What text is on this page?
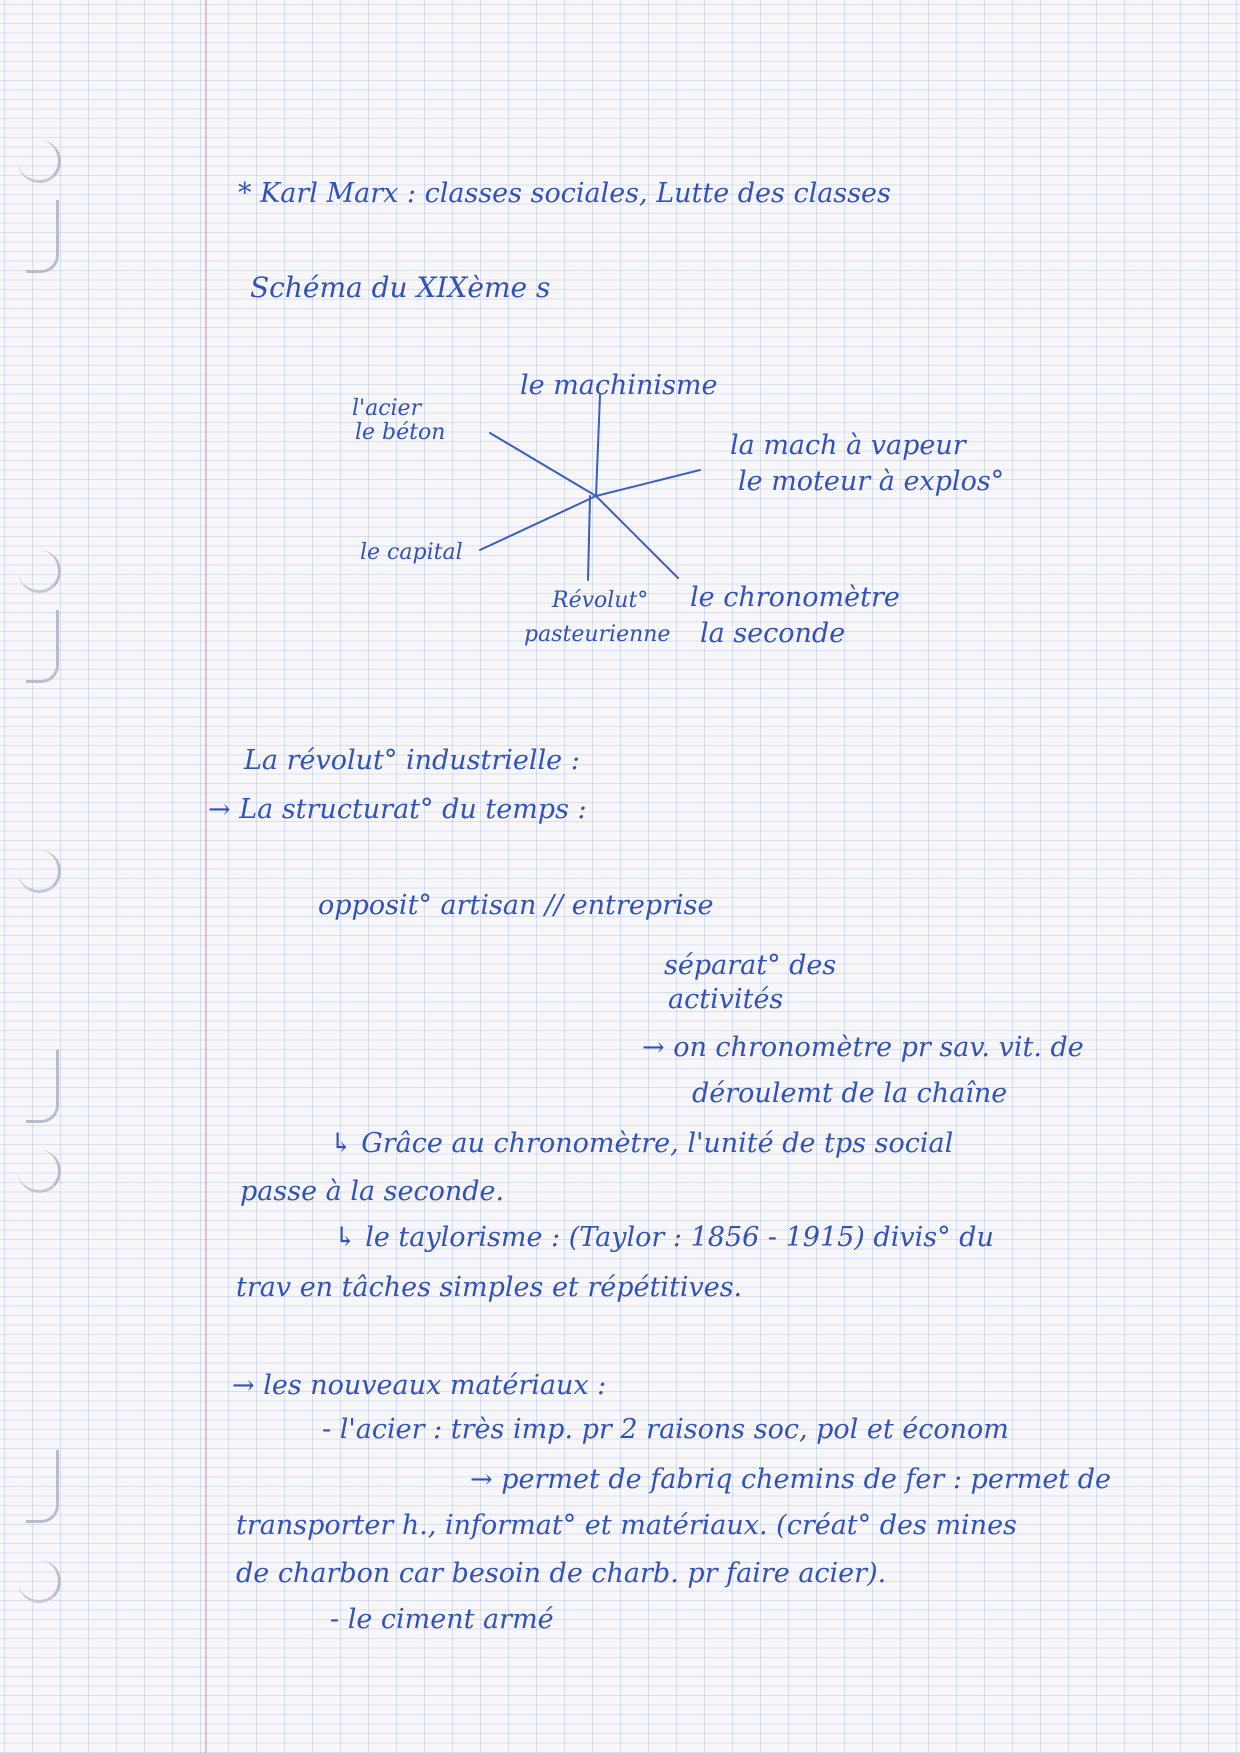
* Karl Marx : classes sociales, Lutte des classes
Schéma du XIXème s
le machinisme
l'acier
le béton	la mach à vapeur
le moteur à explos°
le capital
Révolut°
pasteurienne
le chronomètre
la seconde
La révolut° industrielle :
→ La structurat° du temps :
opposit° artisan // entreprise
séparat° des
activités
→ on chronomètre pr sav. vit. de
déroulemt de la chaîne
↳ Grâce au chronomètre, l'unité de tps social
passe à la seconde.
↳ le taylorisme : (Taylor : 1856 - 1915) divis° du
trav en tâches simples et répétitives.
→ les nouveaux matériaux :
- l'acier : très imp. pr 2 raisons soc, pol et économ
→ permet de fabriq chemins de fer : permet de
transporter h., informat° et matériaux. (créat° des mines
de charbon car besoin de charb. pr faire acier).
- le ciment armé
